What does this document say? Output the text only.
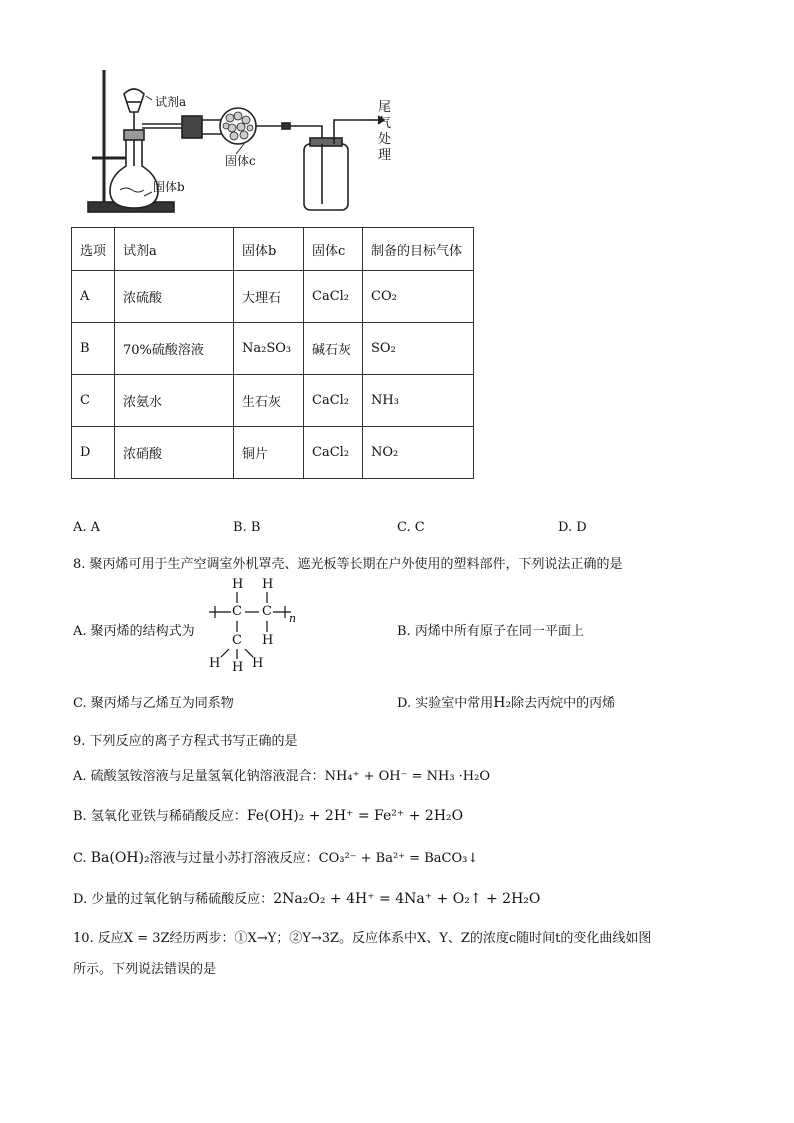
试剂a
固体c
固体b
尾
气
处
理
选项	试剂a	固体b	固体c	制备的目标气体
A	浓硫酸	大理石	CaCl₂	CO₂
B	70%硫酸溶液	Na₂SO₃	碱石灰	SO₂
C	浓氨水	生石灰	CaCl₂	NH₃
D	浓硝酸	铜片	CaCl₂	NO₂
A. A	B. B	C. C	D. D
8. 聚丙烯可用于生产空调室外机罩壳、遮光板等长期在户外使用的塑料部件，下列说法正确的是
A. 聚丙烯的结构式为
H H
C C n
C H
H H H
B. 丙烯中所有原子在同一平面上
C. 聚丙烯与乙烯互为同系物	D. 实验室中常用H₂除去丙烷中的丙烯
9. 下列反应的离子方程式书写正确的是
A. 硫酸氢铵溶液与足量氢氧化钠溶液混合：NH₄⁺ + OH⁻ = NH₃ ·H₂O
B. 氢氧化亚铁与稀硝酸反应：Fe(OH)₂ + 2H⁺ = Fe²⁺ + 2H₂O
C. Ba(OH)₂溶液与过量小苏打溶液反应：CO₃²⁻ + Ba²⁺ = BaCO₃↓
D. 少量的过氧化钠与稀硫酸反应：2Na₂O₂ + 4H⁺ = 4Na⁺ + O₂↑ + 2H₂O
10. 反应X = 3Z经历两步：①X→Y；②Y→3Z。反应体系中X、Y、Z的浓度c随时间t的变化曲线如图
所示。下列说法错误的是
